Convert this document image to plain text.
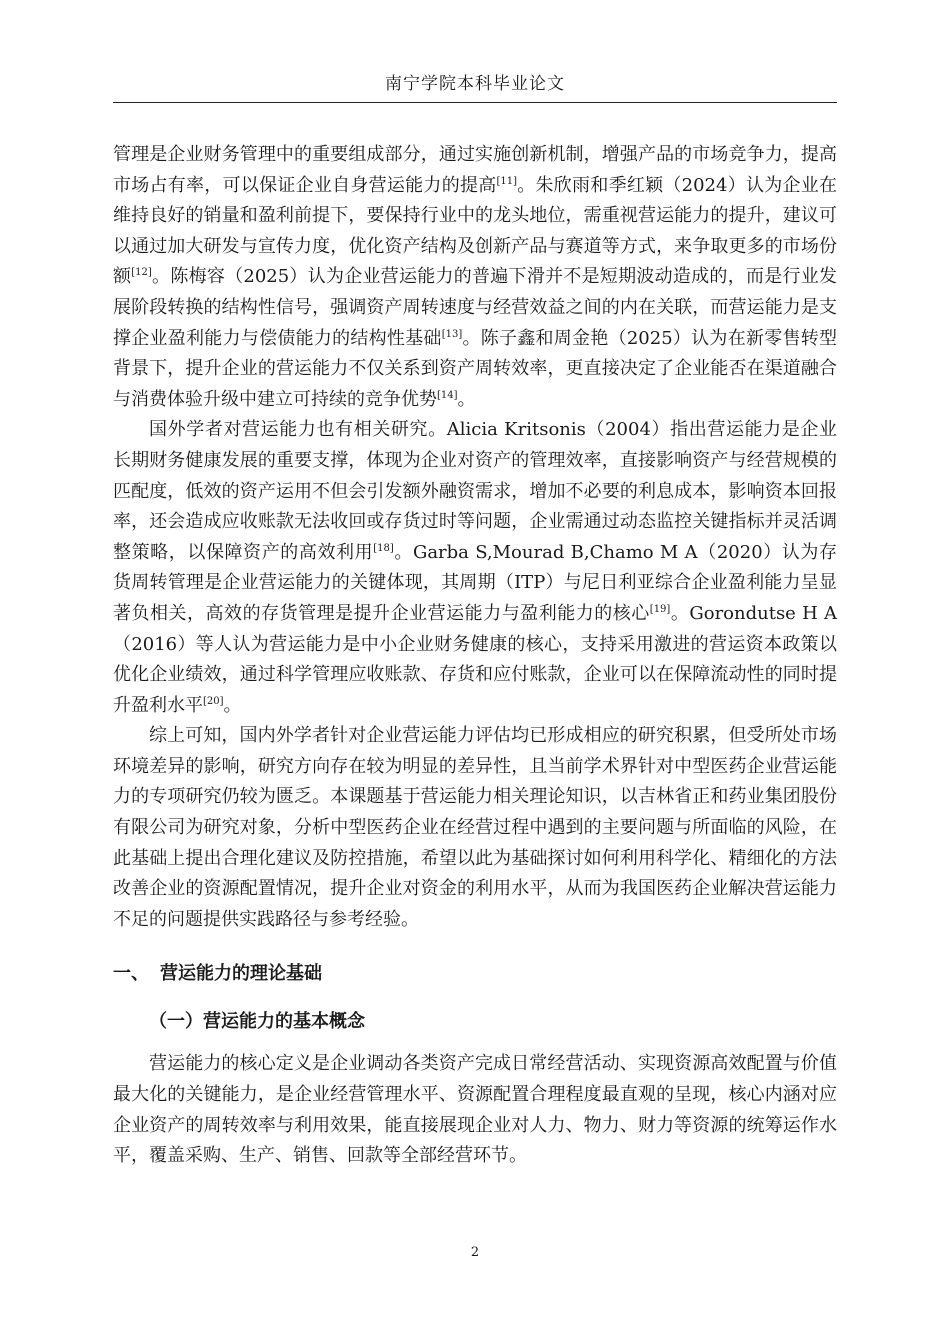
南宁学院本科毕业论文

管理是企业财务管理中的重要组成部分，通过实施创新机制，增强产品的市场竞争力，提高市场占有率，可以保证企业自身营运能力的提高[11]。朱欣雨和季红颖（2024）认为企业在维持良好的销量和盈利前提下，要保持行业中的龙头地位，需重视营运能力的提升，建议可以通过加大研发与宣传力度，优化资产结构及创新产品与赛道等方式，来争取更多的市场份额[12]。陈梅容（2025）认为企业营运能力的普遍下滑并不是短期波动造成的，而是行业发展阶段转换的结构性信号，强调资产周转速度与经营效益之间的内在关联，而营运能力是支撑企业盈利能力与偿债能力的结构性基础[13]。陈子鑫和周金艳（2025）认为在新零售转型背景下，提升企业的营运能力不仅关系到资产周转效率，更直接决定了企业能否在渠道融合与消费体验升级中建立可持续的竞争优势[14]。

国外学者对营运能力也有相关研究。Alicia Kritsonis（2004）指出营运能力是企业长期财务健康发展的重要支撑，体现为企业对资产的管理效率，直接影响资产与经营规模的匹配度，低效的资产运用不但会引发额外融资需求，增加不必要的利息成本，影响资本回报率，还会造成应收账款无法收回或存货过时等问题，企业需通过动态监控关键指标并灵活调整策略，以保障资产的高效利用[18]。Garba S,Mourad B,Chamo M A（2020）认为存货周转管理是企业营运能力的关键体现，其周期（ITP）与尼日利亚综合企业盈利能力呈显著负相关，高效的存货管理是提升企业营运能力与盈利能力的核心[19]。Gorondutse H A（2016）等人认为营运能力是中小企业财务健康的核心，支持采用激进的营运资本政策以优化企业绩效，通过科学管理应收账款、存货和应付账款，企业可以在保障流动性的同时提升盈利水平[20]。

综上可知，国内外学者针对企业营运能力评估均已形成相应的研究积累，但受所处市场环境差异的影响，研究方向存在较为明显的差异性，且当前学术界针对中型医药企业营运能力的专项研究仍较为匮乏。本课题基于营运能力相关理论知识，以吉林省正和药业集团股份有限公司为研究对象，分析中型医药企业在经营过程中遇到的主要问题与所面临的风险，在此基础上提出合理化建议及防控措施，希望以此为基础探讨如何利用科学化、精细化的方法改善企业的资源配置情况，提升企业对资金的利用水平，从而为我国医药企业解决营运能力不足的问题提供实践路径与参考经验。

一、 营运能力的理论基础
（一）营运能力的基本概念

营运能力的核心定义是企业调动各类资产完成日常经营活动、实现资源高效配置与价值最大化的关键能力，是企业经营管理水平、资源配置合理程度最直观的呈现，核心内涵对应企业资产的周转效率与利用效果，能直接展现企业对人力、物力、财力等资源的统筹运作水平，覆盖采购、生产、销售、回款等全部经营环节。

2
